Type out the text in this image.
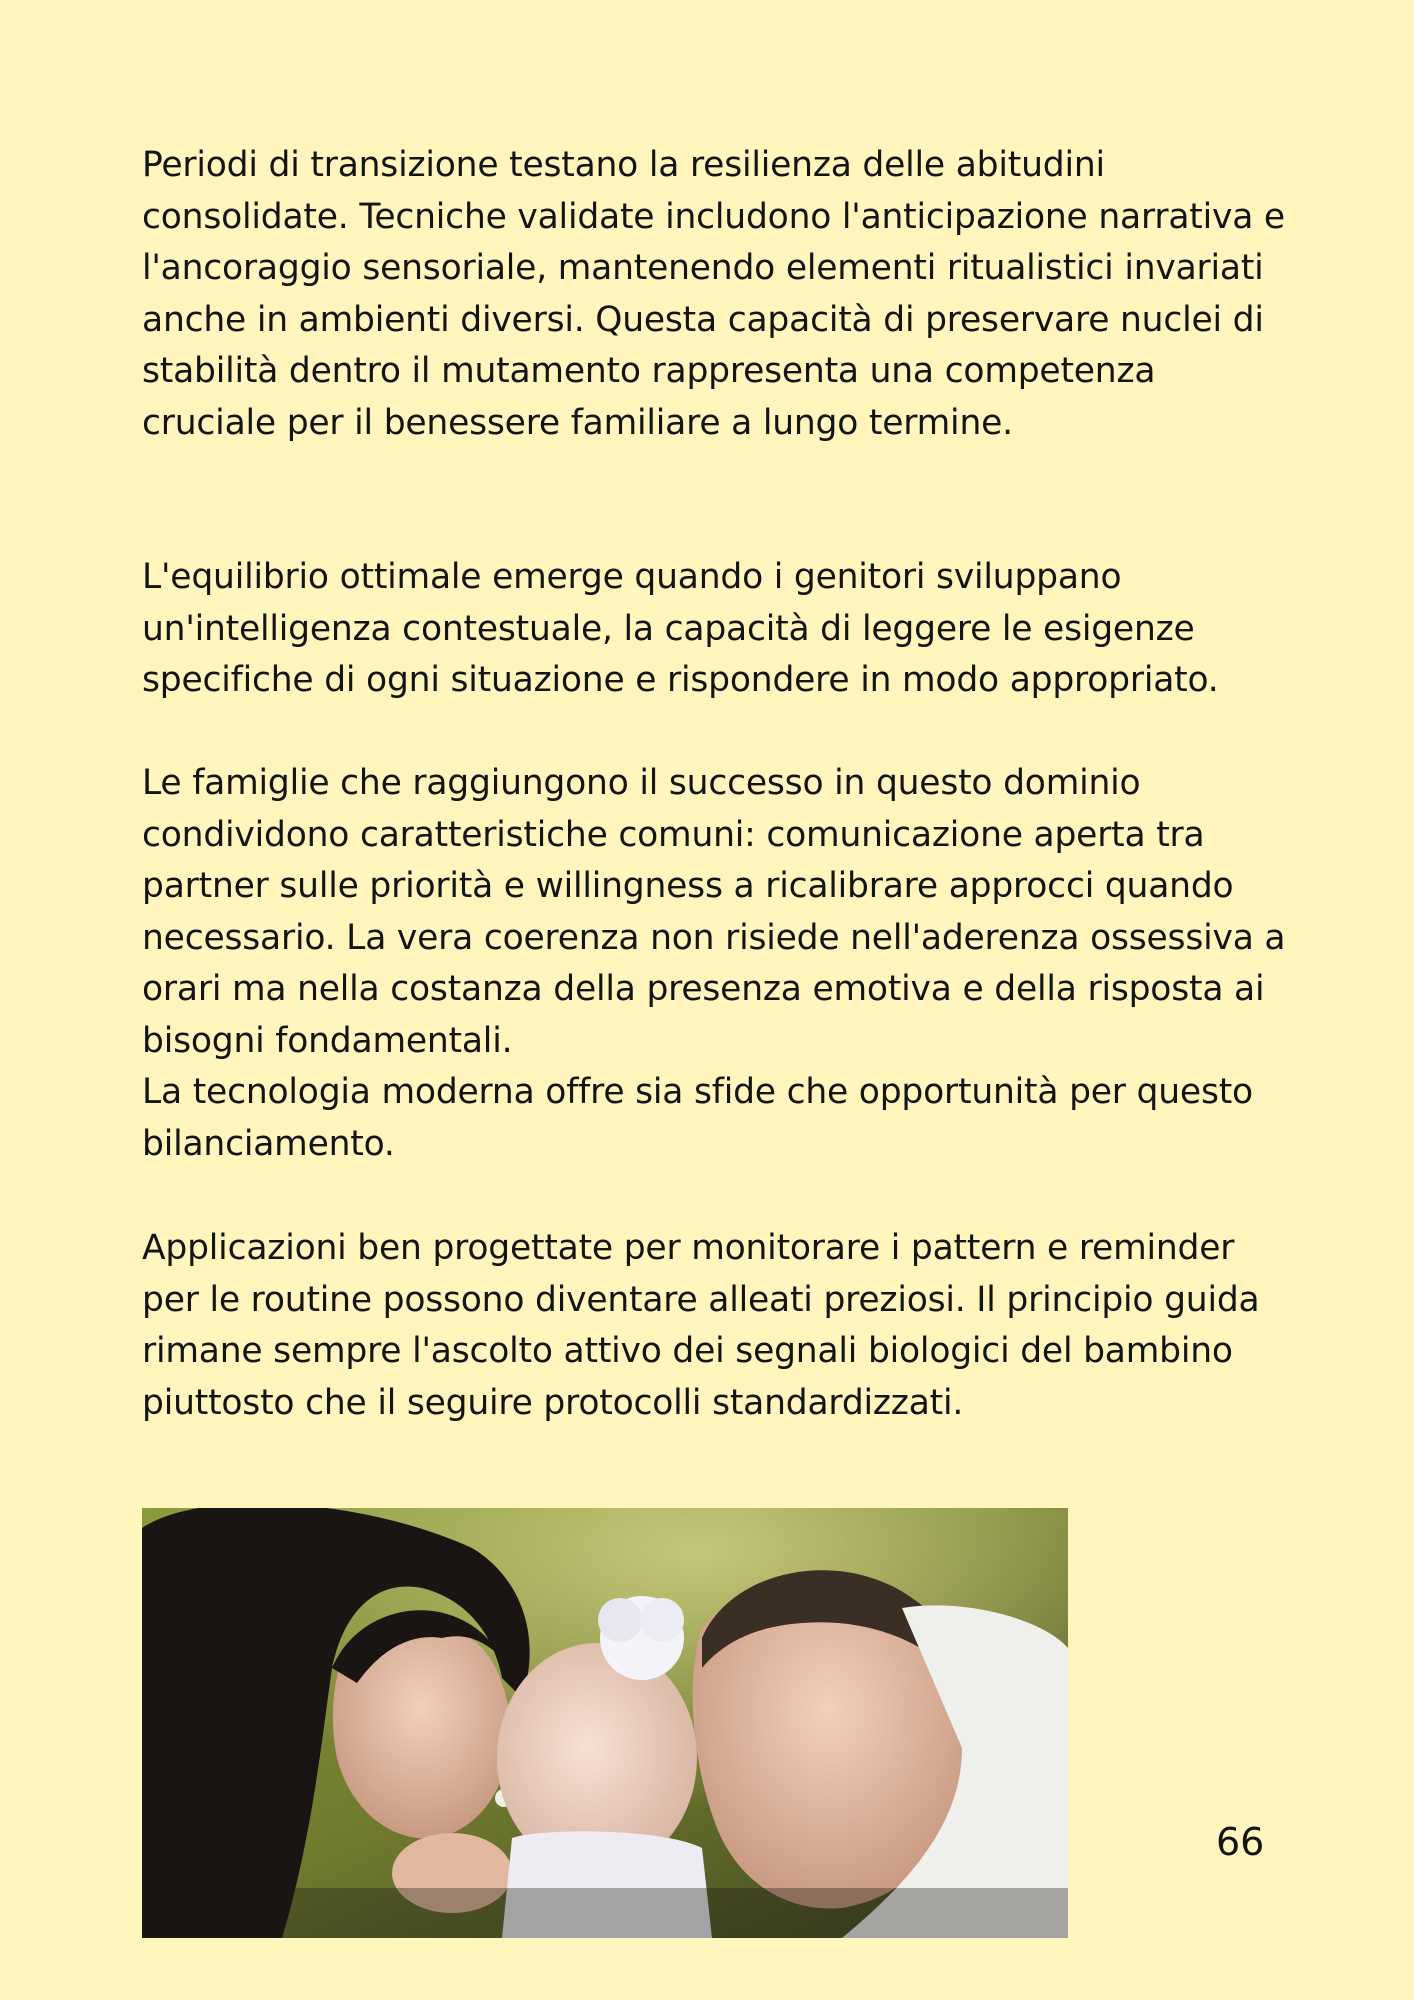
Periodi di transizione testano la resilienza delle abitudini consolidate. Tecniche validate includono l'anticipazione narrativa e l'ancoraggio sensoriale, mantenendo elementi ritualistici invariati anche in ambienti diversi. Questa capacità di preservare nuclei di stabilità dentro il mutamento rappresenta una competenza cruciale per il benessere familiare a lungo termine.

L'equilibrio ottimale emerge quando i genitori sviluppano un'intelligenza contestuale, la capacità di leggere le esigenze specifiche di ogni situazione e rispondere in modo appropriato.

Le famiglie che raggiungono il successo in questo dominio condividono caratteristiche comuni: comunicazione aperta tra partner sulle priorità e willingness a ricalibrare approcci quando necessario. La vera coerenza non risiede nell'aderenza ossessiva a orari ma nella costanza della presenza emotiva e della risposta ai bisogni fondamentali.

La tecnologia moderna offre sia sfide che opportunità per questo bilanciamento.

Applicazioni ben progettate per monitorare i pattern e reminder per le routine possono diventare alleati preziosi. Il principio guida rimane sempre l'ascolto attivo dei segnali biologici del bambino piuttosto che il seguire protocolli standardizzati.

66
